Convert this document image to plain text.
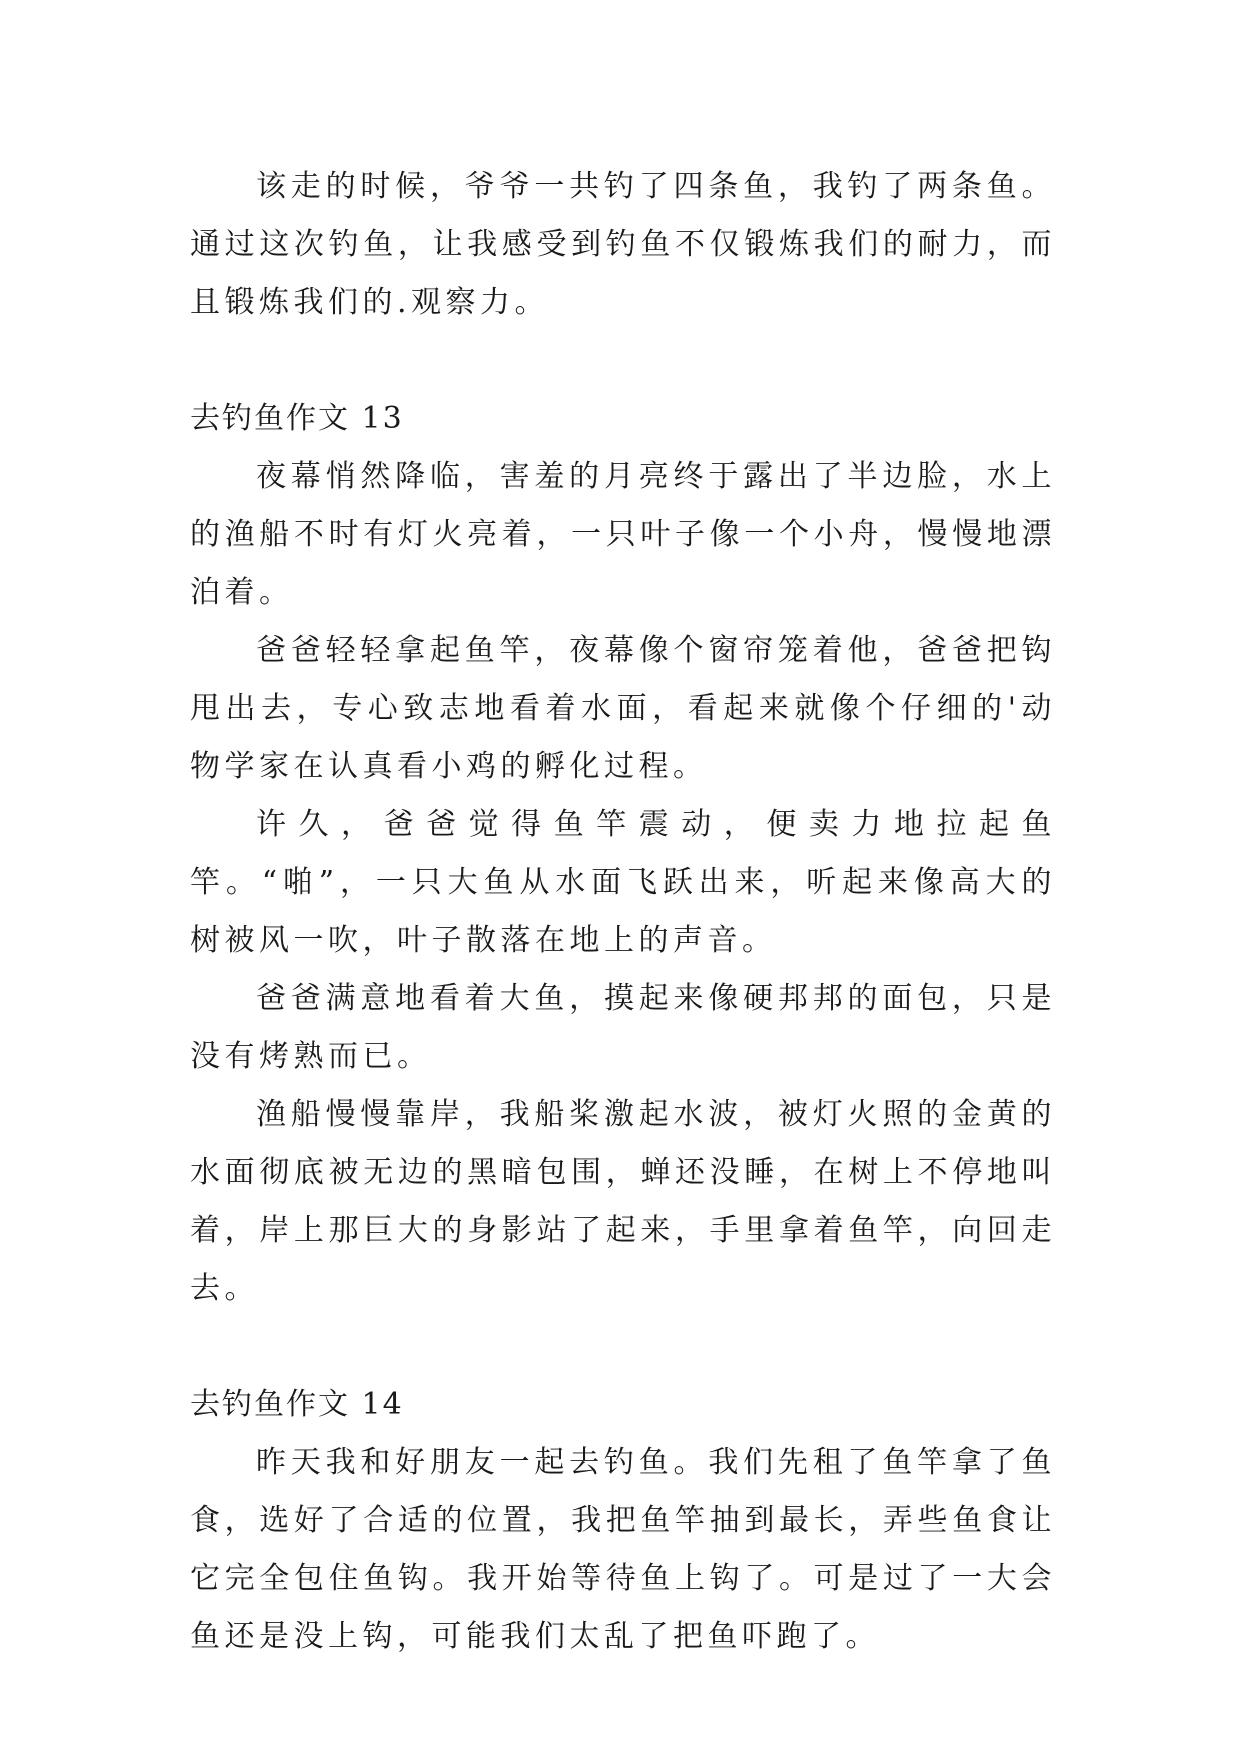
该走的时候，爷爷一共钓了四条鱼，我钓了两条鱼。通过这次钓鱼，让我感受到钓鱼不仅锻炼我们的耐力，而且锻炼我们的.观察力。

去钓鱼作文 13

夜幕悄然降临，害羞的月亮终于露出了半边脸，水上的渔船不时有灯火亮着，一只叶子像一个小舟，慢慢地漂泊着。

爸爸轻轻拿起鱼竿，夜幕像个窗帘笼着他，爸爸把钩甩出去，专心致志地看着水面，看起来就像个仔细的'动物学家在认真看小鸡的孵化过程。

许久，爸爸觉得鱼竿震动，便卖力地拉起鱼竿。“啪”，一只大鱼从水面飞跃出来，听起来像高大的树被风一吹，叶子散落在地上的声音。

爸爸满意地看着大鱼，摸起来像硬邦邦的面包，只是没有烤熟而已。

渔船慢慢靠岸，我船桨激起水波，被灯火照的金黄的水面彻底被无边的黑暗包围，蝉还没睡，在树上不停地叫着，岸上那巨大的身影站了起来，手里拿着鱼竿，向回走去。

去钓鱼作文 14

昨天我和好朋友一起去钓鱼。我们先租了鱼竿拿了鱼食，选好了合适的位置，我把鱼竿抽到最长，弄些鱼食让它完全包住鱼钩。我开始等待鱼上钩了。可是过了一大会鱼还是没上钩，可能我们太乱了把鱼吓跑了。
